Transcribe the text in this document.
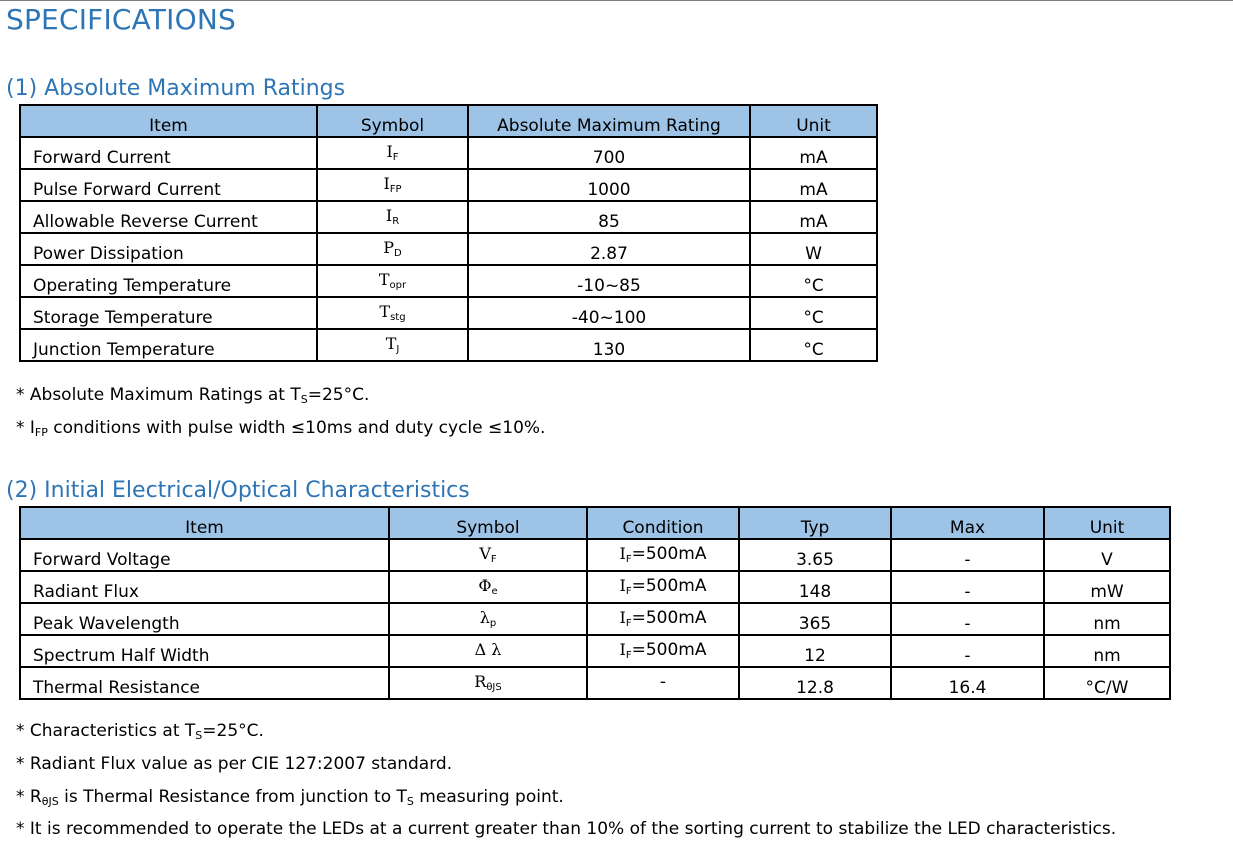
SPECIFICATIONS
(1) Absolute Maximum Ratings
Item	Symbol	Absolute Maximum Rating	Unit
Forward Current	$I_F$	700	mA
Pulse Forward Current	$I_{FP}$	1000	mA
Allowable Reverse Current	$I_R$	85	mA
Power Dissipation	$P_D$	2.87	W
Operating Temperature	$T_{opr}$	-10~85	°C
Storage Temperature	$T_{stg}$	-40~100	°C
Junction Temperature	$T_J$	130	°C

* Absolute Maximum Ratings at $T_S=25^\circ C$.

* $I_{FP}$ conditions with pulse width ≤10ms and duty cycle ≤10%.

(2) Initial Electrical/Optical Characteristics
Item	Symbol	Condition	Typ	Max	Unit
Forward Voltage	$V_F$	$I_F=500mA$	3.65	-	V
Radiant Flux	$\Phi_e$	$I_F=500mA$	148	-	mW
Peak Wavelength	$\lambda_p$	$I_F=500mA$	365	-	nm
Spectrum Half Width	Δ λ	$I_F=500mA$	12	-	nm
Thermal Resistance	$R_{\theta JS}$	-	12.8	16.4	°C/W

* Characteristics at $T_S=25^\circ C$.

* Radiant Flux value as per CIE 127:2007 standard.

* $R_{\theta JS}$ is Thermal Resistance from junction to $T_S$ measuring point.

* It is recommended to operate the LEDs at a current greater than 10% of the sorting current to stabilize the LED characteristics.
